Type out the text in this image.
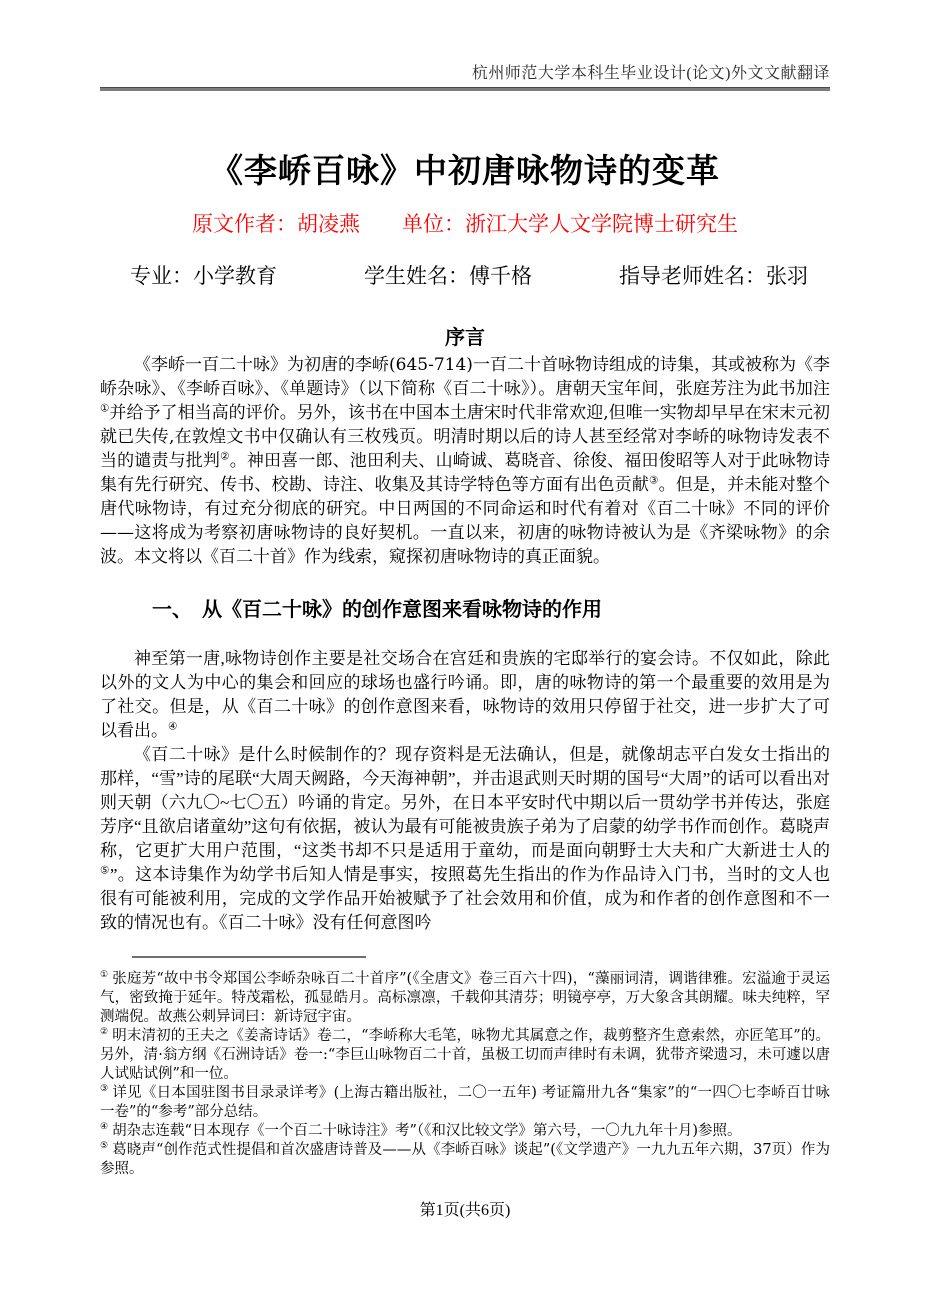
杭州师范大学本科生毕业设计(论文)外文文献翻译
《李峤百咏》中初唐咏物诗的变革
原文作者：胡凌燕　　单位：浙江大学人文学院博士研究生
专业：小学教育	学生姓名：傅千格	指导老师姓名：张羽
序言

《李峤一百二十咏》为初唐的李峤(645-714)一百二十首咏物诗组成的诗集，其或被称为《李峤杂咏》、《李峤百咏》、《单题诗》（以下简称《百二十咏》）。唐朝天宝年间，张庭芳注为此书加注①并给予了相当高的评价。另外，该书在中国本土唐宋时代非常欢迎,但唯一实物却早早在宋末元初就已失传,在敦煌文书中仅确认有三枚残页。明清时期以后的诗人甚至经常对李峤的咏物诗发表不当的谴责与批判②。神田喜一郎、池田利夫、山崎诚、葛晓音、徐俊、福田俊昭等人对于此咏物诗集有先行研究、传书、校勘、诗注、收集及其诗学特色等方面有出色贡献③。但是，并未能对整个唐代咏物诗，有过充分彻底的研究。中日两国的不同命运和时代有着对《百二十咏》不同的评价——这将成为考察初唐咏物诗的良好契机。一直以来，初唐的咏物诗被认为是《齐梁咏物》的余波。本文将以《百二十首》作为线索，窥探初唐咏物诗的真正面貌。

一、　从《百二十咏》的创作意图来看咏物诗的作用

神至第一唐,咏物诗创作主要是社交场合在宫廷和贵族的宅邸举行的宴会诗。不仅如此，除此以外的文人为中心的集会和回应的球场也盛行吟诵。即，唐的咏物诗的第一个最重要的效用是为了社交。但是，从《百二十咏》的创作意图来看，咏物诗的效用只停留于社交，进一步扩大了可以看出。④

《百二十咏》是什么时候制作的？现存资料是无法确认，但是，就像胡志平白发女士指出的那样，“雪”诗的尾联“大周天阙路，今天海神朝”，并击退武则天时期的国号“大周”的话可以看出对则天朝（六九〇~七〇五）吟诵的肯定。另外，在日本平安时代中期以后一贯幼学书并传达，张庭芳序“且欲启诸童幼”这句有依据，被认为最有可能被贵族子弟为了启蒙的幼学书作而创作。葛晓声称，它更扩大用户范围，“这类书却不只是适用于童幼，而是面向朝野士大夫和广大新进士人的⑤”。这本诗集作为幼学书后知人情是事实，按照葛先生指出的作为作品诗入门书，当时的文人也很有可能被利用，完成的文学作品开始被赋予了社会效用和价值，成为和作者的创作意图和不一致的情况也有。《百二十咏》没有任何意图吟

① 张庭芳“故中书令郑国公李峤杂咏百二十首序”(《全唐文》卷三百六十四)，“藻丽词清，调谐律雅。宏溢逾于灵运气，密致掩于延年。特茂霜松，孤显皓月。高标凛凛，千载仰其清芬；明镜亭亭，万大象含其朗耀。味夫纯粹，罕测端倪。故燕公刺异词曰：新诗冠宇宙。

② 明末清初的王夫之《姜斋诗话》卷二，“李峤称大毛笔，咏物尤其属意之作，裁剪整齐生意索然，亦匠笔耳”的。另外，清·翁方纲《石洲诗话》卷一:“李巨山咏物百二十首，虽极工切而声律时有未调，犹带齐梁遗习，未可遽以唐人试贴试例”和一位。

③ 详见《日本国驻图书目录录详考》(上海古籍出版社，二〇一五年) 考证篇卅九各“集家”的“一四〇七李峤百廿咏一卷”的“参考”部分总结。

④ 胡杂志连载“日本现存《一个百二十咏诗注》考”（《和汉比较文学》第六号，一〇九九年十月)参照。

⑤ 葛晓声“创作范式性提倡和首次盛唐诗普及——从《李峤百咏》谈起”(《文学遗产》一九九五年六期，37页）作为参照。

第1页(共6页)
